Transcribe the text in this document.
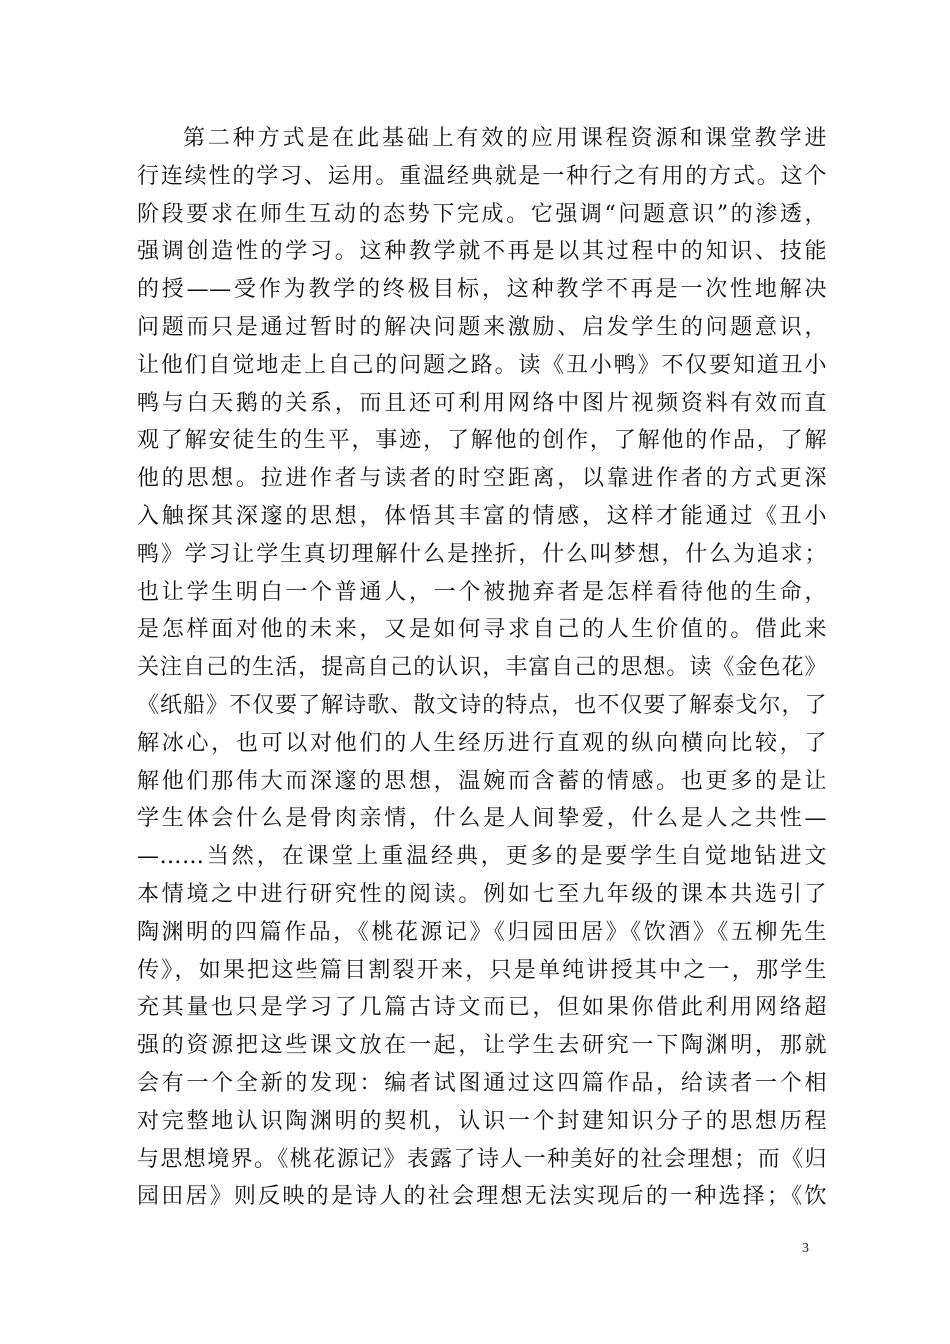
第二种方式是在此基础上有效的应用课程资源和课堂教学进
行连续性的学习、运用。重温经典就是一种行之有用的方式。这个
阶段要求在师生互动的态势下完成。它强调“问题意识”的渗透，
强调创造性的学习。这种教学就不再是以其过程中的知识、技能
的授——受作为教学的终极目标，这种教学不再是一次性地解决
问题而只是通过暂时的解决问题来激励、启发学生的问题意识，
让他们自觉地走上自己的问题之路。读《丑小鸭》不仅要知道丑小
鸭与白天鹅的关系，而且还可利用网络中图片视频资料有效而直
观了解安徒生的生平，事迹，了解他的创作，了解他的作品，了解
他的思想。拉进作者与读者的时空距离，以靠进作者的方式更深
入触探其深邃的思想，体悟其丰富的情感，这样才能通过《丑小
鸭》学习让学生真切理解什么是挫折，什么叫梦想，什么为追求；
也让学生明白一个普通人，一个被抛弃者是怎样看待他的生命，
是怎样面对他的未来，又是如何寻求自己的人生价值的。借此来
关注自己的生活，提高自己的认识，丰富自己的思想。读《金色花》
《纸船》不仅要了解诗歌、散文诗的特点，也不仅要了解泰戈尔，了
解冰心，也可以对他们的人生经历进行直观的纵向横向比较，了
解他们那伟大而深邃的思想，温婉而含蓄的情感。也更多的是让
学生体会什么是骨肉亲情，什么是人间挚爱，什么是人之共性—
—……当然，在课堂上重温经典，更多的是要学生自觉地钻进文
本情境之中进行研究性的阅读。例如七至九年级的课本共选引了
陶渊明的四篇作品，《桃花源记》《归园田居》《饮酒》《五柳先生
传》，如果把这些篇目割裂开来，只是单纯讲授其中之一，那学生
充其量也只是学习了几篇古诗文而已，但如果你借此利用网络超
强的资源把这些课文放在一起，让学生去研究一下陶渊明，那就
会有一个全新的发现：编者试图通过这四篇作品，给读者一个相
对完整地认识陶渊明的契机，认识一个封建知识分子的思想历程
与思想境界。《桃花源记》表露了诗人一种美好的社会理想；而《归
园田居》则反映的是诗人的社会理想无法实现后的一种选择；《饮
3
